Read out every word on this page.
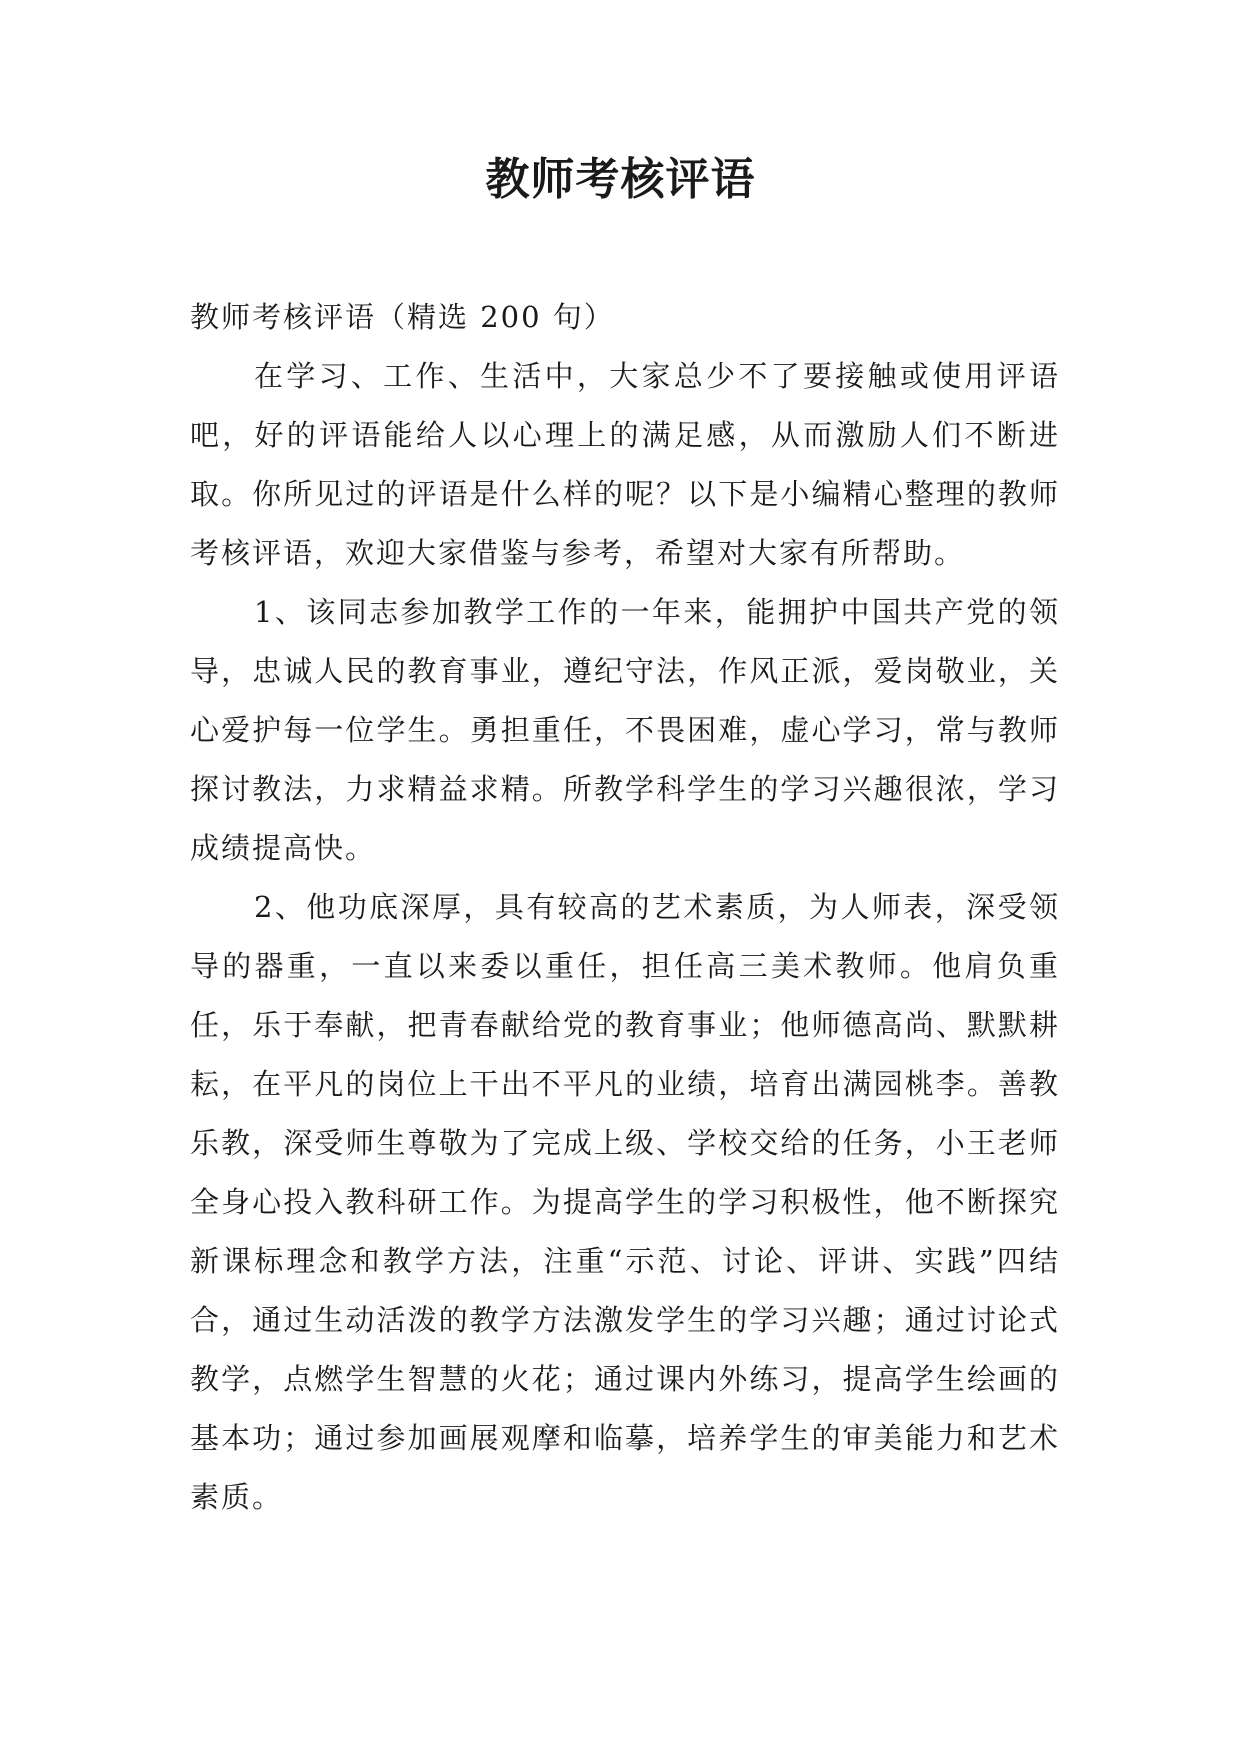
教师考核评语

教师考核评语（精选 200 句）

在学习、工作、生活中，大家总少不了要接触或使用评语吧，好的评语能给人以心理上的满足感，从而激励人们不断进取。你所见过的评语是什么样的呢？以下是小编精心整理的教师考核评语，欢迎大家借鉴与参考，希望对大家有所帮助。

1、该同志参加教学工作的一年来，能拥护中国共产党的领导，忠诚人民的教育事业，遵纪守法，作风正派，爱岗敬业，关心爱护每一位学生。勇担重任，不畏困难，虚心学习，常与教师探讨教法，力求精益求精。所教学科学生的学习兴趣很浓，学习成绩提高快。

2、他功底深厚，具有较高的艺术素质，为人师表，深受领导的器重，一直以来委以重任，担任高三美术教师。他肩负重任，乐于奉献，把青春献给党的教育事业；他师德高尚、默默耕耘，在平凡的岗位上干出不平凡的业绩，培育出满园桃李。善教乐教，深受师生尊敬为了完成上级、学校交给的任务，小王老师全身心投入教科研工作。为提高学生的学习积极性，他不断探究新课标理念和教学方法，注重“示范、讨论、评讲、实践”四结合，通过生动活泼的教学方法激发学生的学习兴趣；通过讨论式教学，点燃学生智慧的火花；通过课内外练习，提高学生绘画的基本功；通过参加画展观摩和临摹，培养学生的审美能力和艺术素质。
